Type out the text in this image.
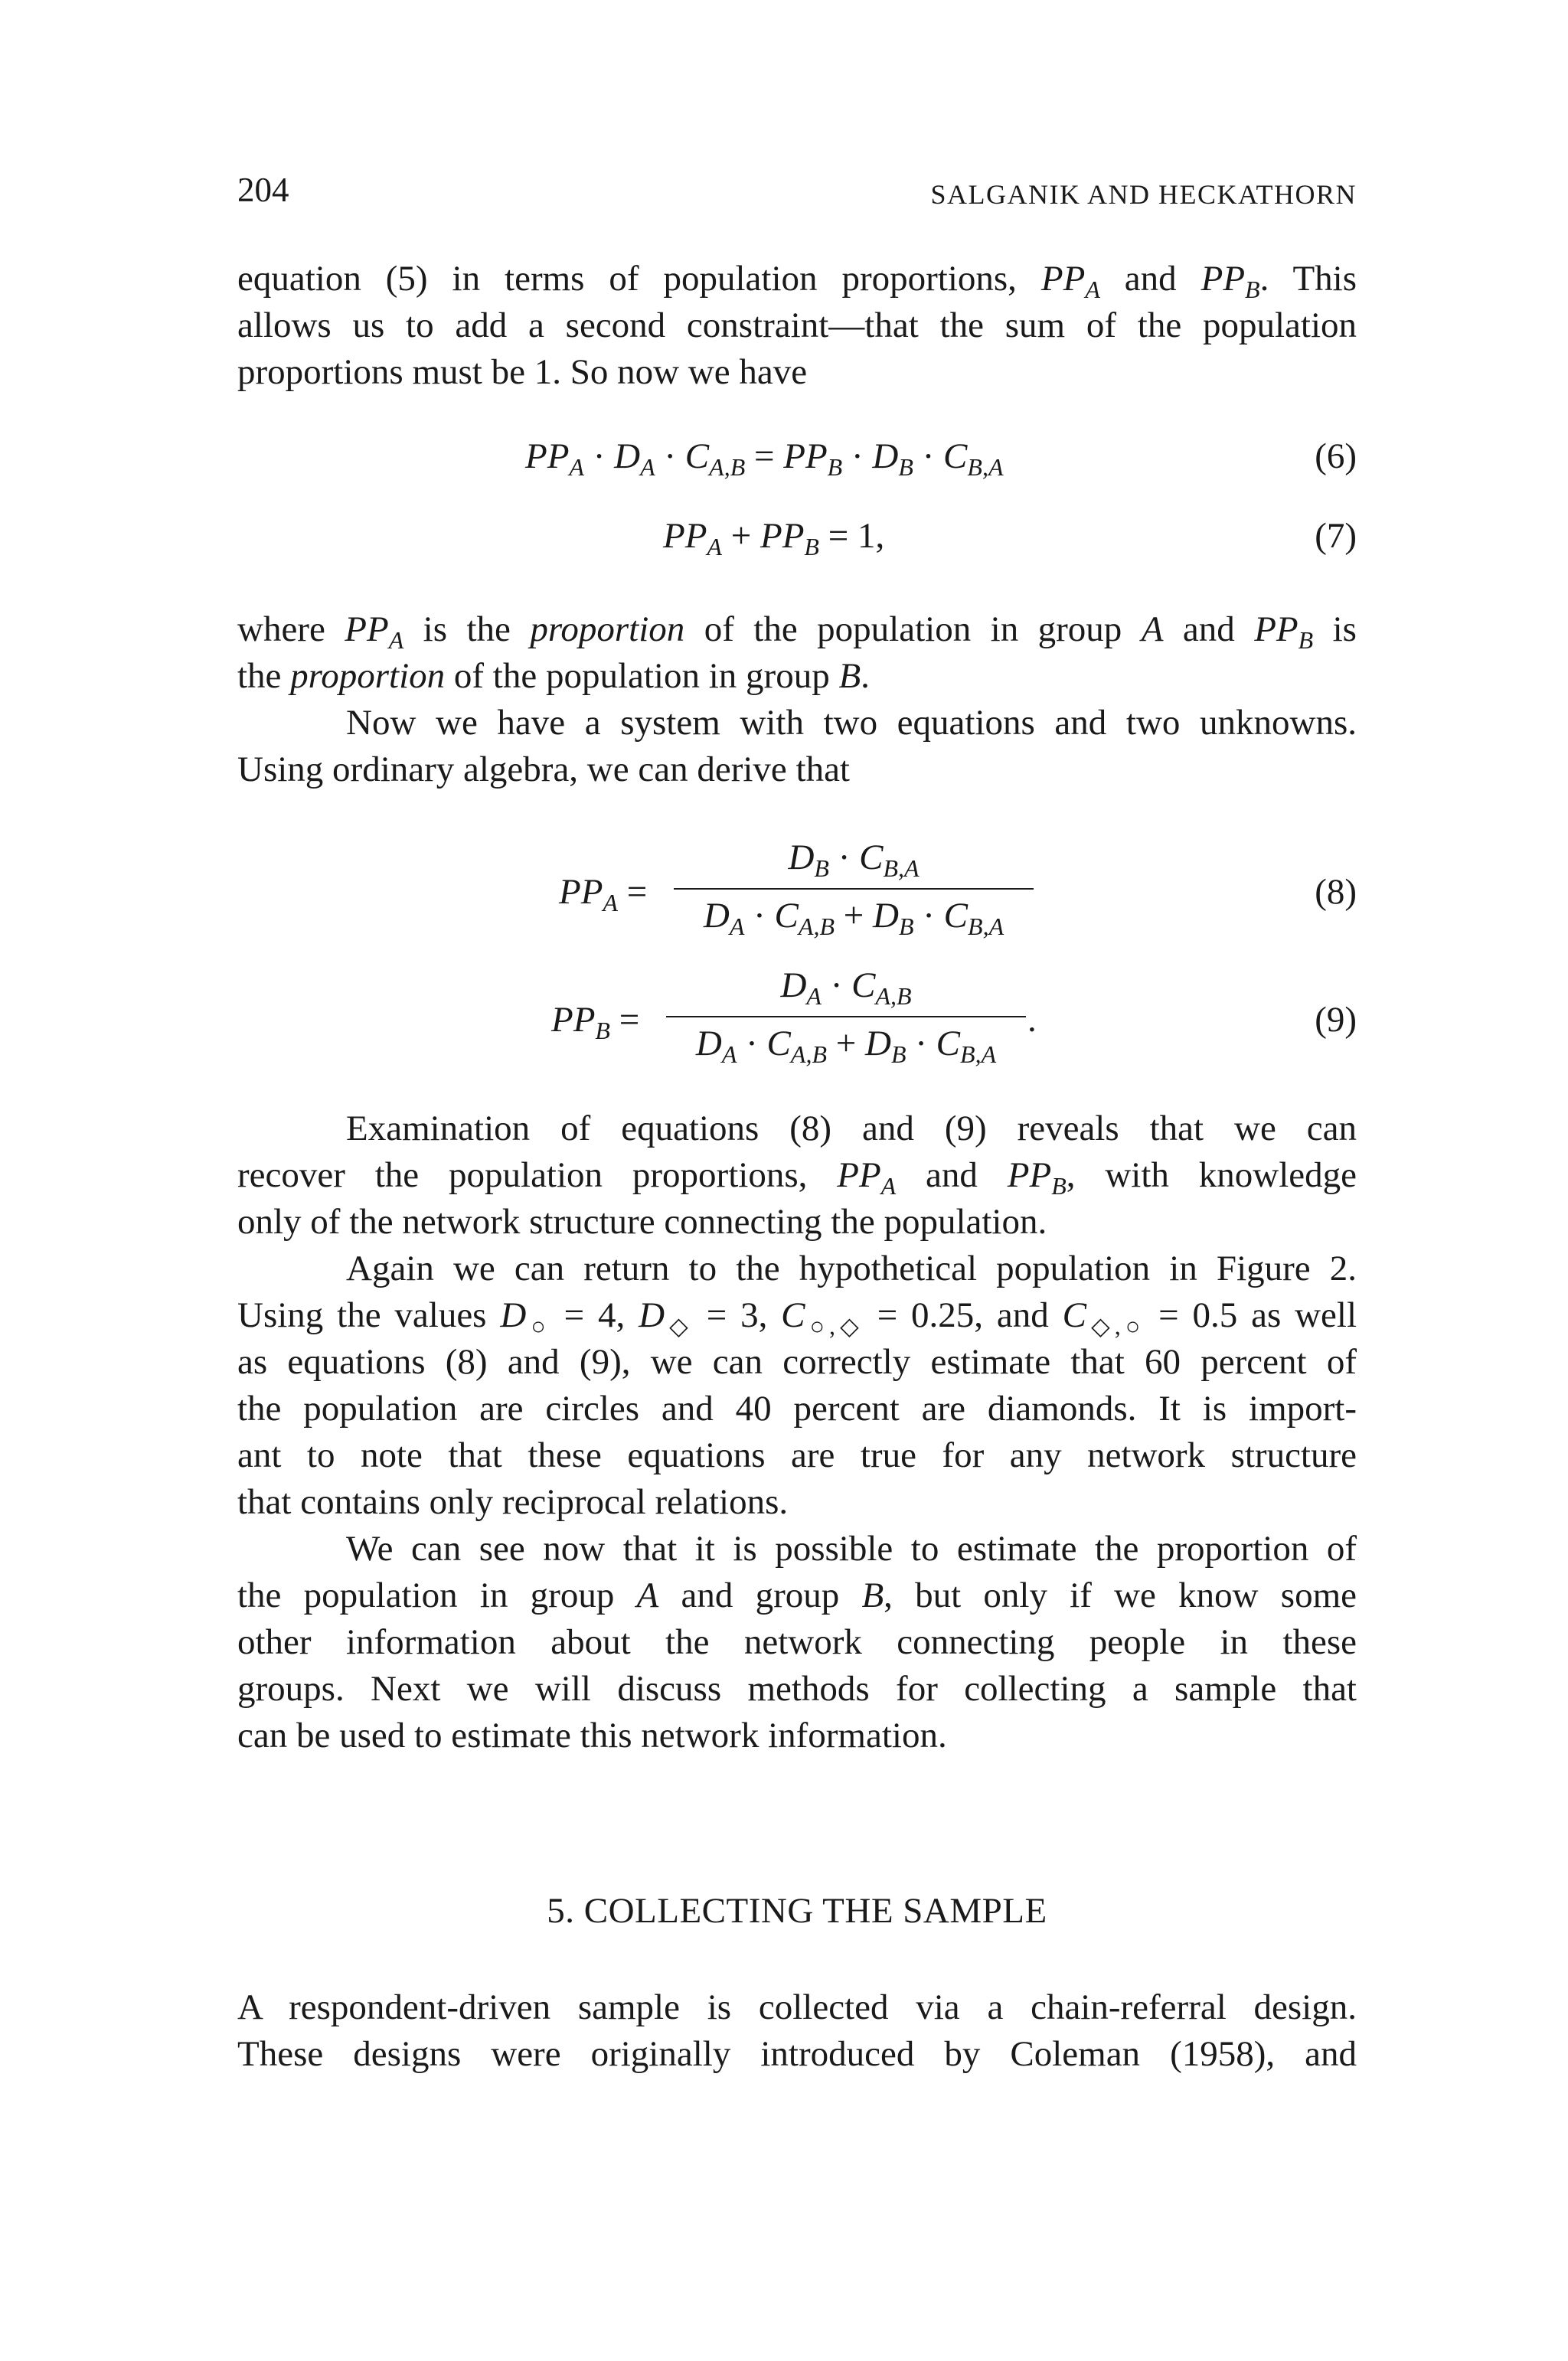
204	SALGANIK AND HECKATHORN
equation (5) in terms of population proportions, $PP_A$ and $PP_B$. This
allows us to add a second constraint—that the sum of the population
proportions must be 1. So now we have
$PP_A \cdot D_A \cdot C_{A,B} = PP_B \cdot D_B \cdot C_{B,A}$	(6)
$PP_A + PP_B = 1$,	(7)
where $PP_A$ is the proportion of the population in group A and $PP_B$ is
the proportion of the population in group B.
Now we have a system with two equations and two unknowns.
Using ordinary algebra, we can derive that
$PP_A$ =
$D_B \cdot C_{B,A}$
$D_A \cdot C_{A,B} + D_B \cdot C_{B,A}$
(8)
$PP_B$ =
$D_A \cdot C_{A,B}$
$D_A \cdot C_{A,B} + D_B \cdot C_{B,A}$
.	(9)
Examination of equations (8) and (9) reveals that we can
recover the population proportions, $PP_A$ and $PP_B$, with knowledge
only of the network structure connecting the population.
Again we can return to the hypothetical population in Figure 2.
Using the values $D_○ = 4$, $D_◇ = 3$, $C_{○,◇} = 0.25$, and $C_{◇,○} = 0.5$ as well
as equations (8) and (9), we can correctly estimate that 60 percent of
the population are circles and 40 percent are diamonds. It is import-
ant to note that these equations are true for any network structure
that contains only reciprocal relations.
We can see now that it is possible to estimate the proportion of
the population in group A and group B, but only if we know some
other information about the network connecting people in these
groups. Next we will discuss methods for collecting a sample that
can be used to estimate this network information.
5. COLLECTING THE SAMPLE
A respondent-driven sample is collected via a chain-referral design.
These designs were originally introduced by Coleman (1958), and
